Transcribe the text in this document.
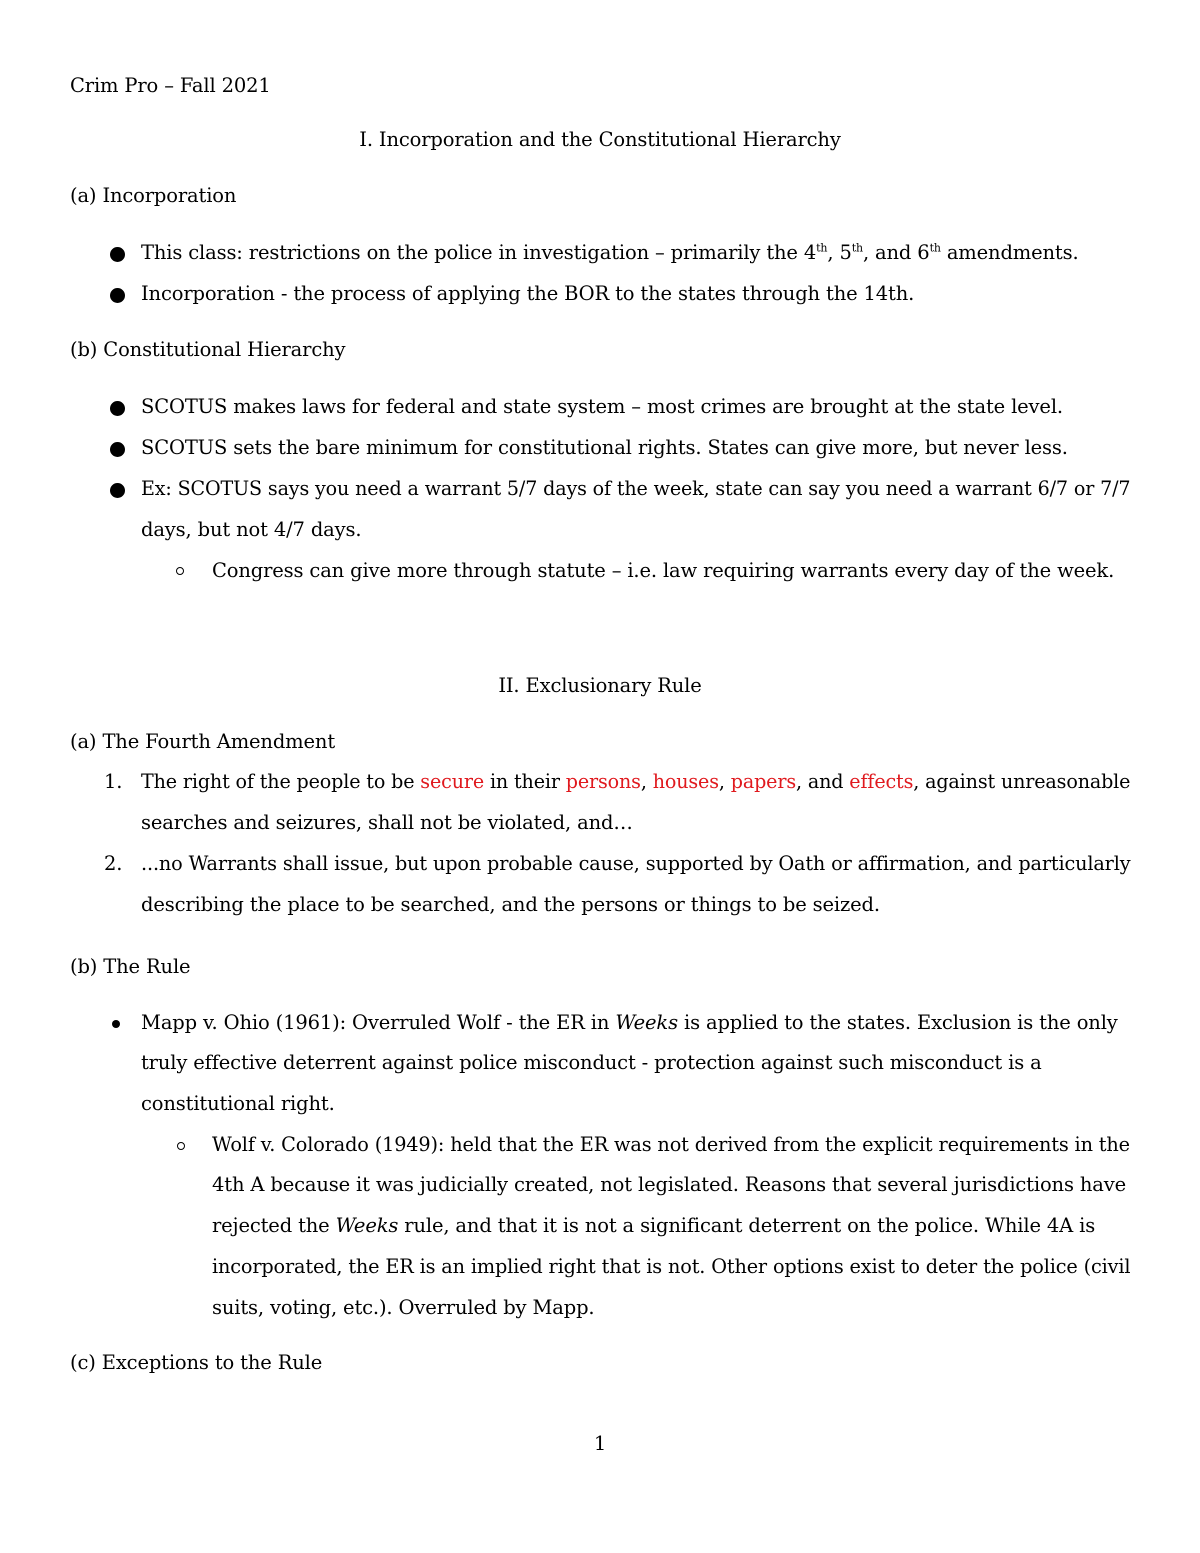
Crim Pro – Fall 2021
I. Incorporation and the Constitutional Hierarchy
(a) Incorporation
This class: restrictions on the police in investigation – primarily the 4th, 5th, and 6th amendments.
Incorporation - the process of applying the BOR to the states through the 14th.
(b) Constitutional Hierarchy
SCOTUS makes laws for federal and state system – most crimes are brought at the state level.
SCOTUS sets the bare minimum for constitutional rights. States can give more, but never less.
Ex: SCOTUS says you need a warrant 5/7 days of the week, state can say you need a warrant 6/7 or 7/7
days, but not 4/7 days.
Congress can give more through statute – i.e. law requiring warrants every day of the week.
II. Exclusionary Rule
(a) The Fourth Amendment
1. The right of the people to be secure in their persons, houses, papers, and effects, against unreasonable
searches and seizures, shall not be violated, and…
2. ...no Warrants shall issue, but upon probable cause, supported by Oath or affirmation, and particularly
describing the place to be searched, and the persons or things to be seized.
(b) The Rule
Mapp v. Ohio (1961): Overruled Wolf - the ER in Weeks is applied to the states. Exclusion is the only
truly effective deterrent against police misconduct - protection against such misconduct is a
constitutional right.
Wolf v. Colorado (1949): held that the ER was not derived from the explicit requirements in the
4th A because it was judicially created, not legislated. Reasons that several jurisdictions have
rejected the Weeks rule, and that it is not a significant deterrent on the police. While 4A is
incorporated, the ER is an implied right that is not. Other options exist to deter the police (civil
suits, voting, etc.). Overruled by Mapp.
(c) Exceptions to the Rule
1
